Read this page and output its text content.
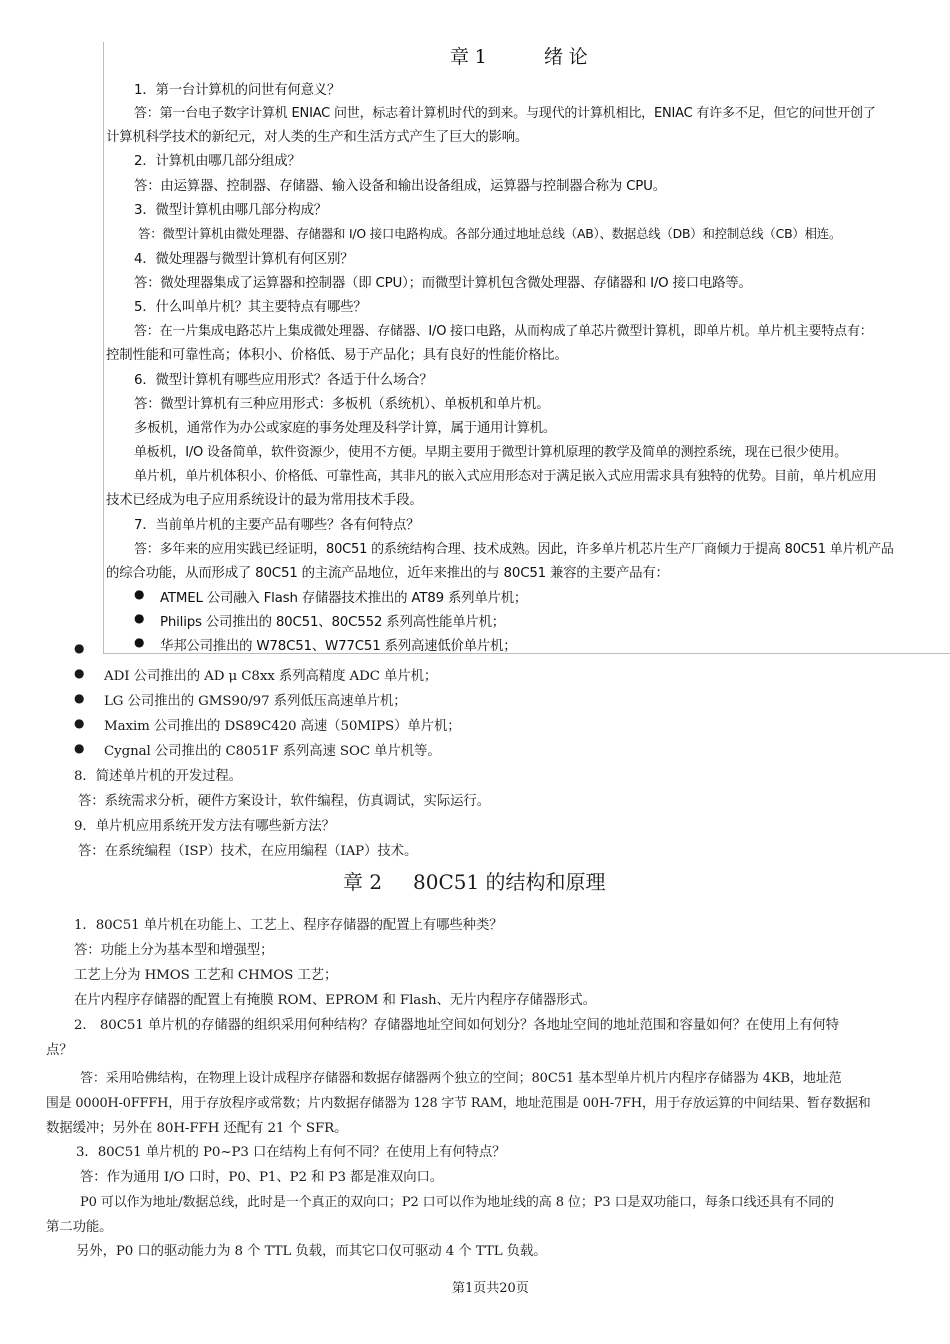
章 1	绪 论
1．第一台计算机的问世有何意义？
答：第一台电子数字计算机 ENIAC 问世，标志着计算机时代的到来。与现代的计算机相比，ENIAC 有许多不足，但它的问世开创了
计算机科学技术的新纪元，对人类的生产和生活方式产生了巨大的影响。
2．计算机由哪几部分组成？
答：由运算器、控制器、存储器、输入设备和输出设备组成，运算器与控制器合称为 CPU。
3．微型计算机由哪几部分构成？
答：微型计算机由微处理器、存储器和 I/O 接口电路构成。各部分通过地址总线（AB）、数据总线（DB）和控制总线（CB）相连。
4．微处理器与微型计算机有何区别？
答：微处理器集成了运算器和控制器（即 CPU）；而微型计算机包含微处理器、存储器和 I/O 接口电路等。
5．什么叫单片机？其主要特点有哪些？
答：在一片集成电路芯片上集成微处理器、存储器、I/O 接口电路，从而构成了单芯片微型计算机，即单片机。单片机主要特点有：
控制性能和可靠性高；体积小、价格低、易于产品化；具有良好的性能价格比。
6．微型计算机有哪些应用形式？各适于什么场合？
答：微型计算机有三种应用形式：多板机（系统机）、单板机和单片机。
多板机，通常作为办公或家庭的事务处理及科学计算，属于通用计算机。
单板机，I/O 设备简单，软件资源少，使用不方便。早期主要用于微型计算机原理的教学及简单的测控系统，现在已很少使用。
单片机，单片机体积小、价格低、可靠性高，其非凡的嵌入式应用形态对于满足嵌入式应用需求具有独特的优势。目前，单片机应用
技术已经成为电子应用系统设计的最为常用技术手段。
7．当前单片机的主要产品有哪些？各有何特点？
答：多年来的应用实践已经证明，80C51 的系统结构合理、技术成熟。因此，许多单片机芯片生产厂商倾力于提高 80C51 单片机产品
的综合功能，从而形成了 80C51 的主流产品地位，近年来推出的与 80C51 兼容的主要产品有：
● ATMEL 公司融入 Flash 存储器技术推出的 AT89 系列单片机；
● Philips 公司推出的 80C51、80C552 系列高性能单片机；
● 华邦公司推出的 W78C51、W77C51 系列高速低价单片机；
●
● ADI 公司推出的 AD μ C8xx 系列高精度 ADC 单片机；
● LG 公司推出的 GMS90/97 系列低压高速单片机；
● Maxim 公司推出的 DS89C420 高速（50MIPS）单片机；
● Cygnal 公司推出的 C8051F 系列高速 SOC 单片机等。
8．简述单片机的开发过程。
答：系统需求分析，硬件方案设计，软件编程，仿真调试，实际运行。
9．单片机应用系统开发方法有哪些新方法？
答：在系统编程（ISP）技术，在应用编程（IAP）技术。
章 2 80C51 的结构和原理
1．80C51 单片机在功能上、工艺上、程序存储器的配置上有哪些种类？
答：功能上分为基本型和增强型；
工艺上分为 HMOS 工艺和 CHMOS 工艺；
在片内程序存储器的配置上有掩膜 ROM、EPROM 和 Flash、无片内程序存储器形式。
2． 80C51 单片机的存储器的组织采用何种结构？存储器地址空间如何划分？各地址空间的地址范围和容量如何？在使用上有何特
点？
答：采用哈佛结构，在物理上设计成程序存储器和数据存储器两个独立的空间；80C51 基本型单片机片内程序存储器为 4KB，地址范
围是 0000H-0FFFH，用于存放程序或常数；片内数据存储器为 128 字节 RAM，地址范围是 00H-7FH，用于存放运算的中间结果、暂存数据和
数据缓冲；另外在 80H-FFH 还配有 21 个 SFR。
3．80C51 单片机的 P0~P3 口在结构上有何不同？在使用上有何特点？
答：作为通用 I/O 口时，P0、P1、P2 和 P3 都是准双向口。
P0 可以作为地址/数据总线，此时是一个真正的双向口；P2 口可以作为地址线的高 8 位；P3 口是双功能口，每条口线还具有不同的
第二功能。
另外，P0 口的驱动能力为 8 个 TTL 负载，而其它口仅可驱动 4 个 TTL 负载。
第1页共20页
